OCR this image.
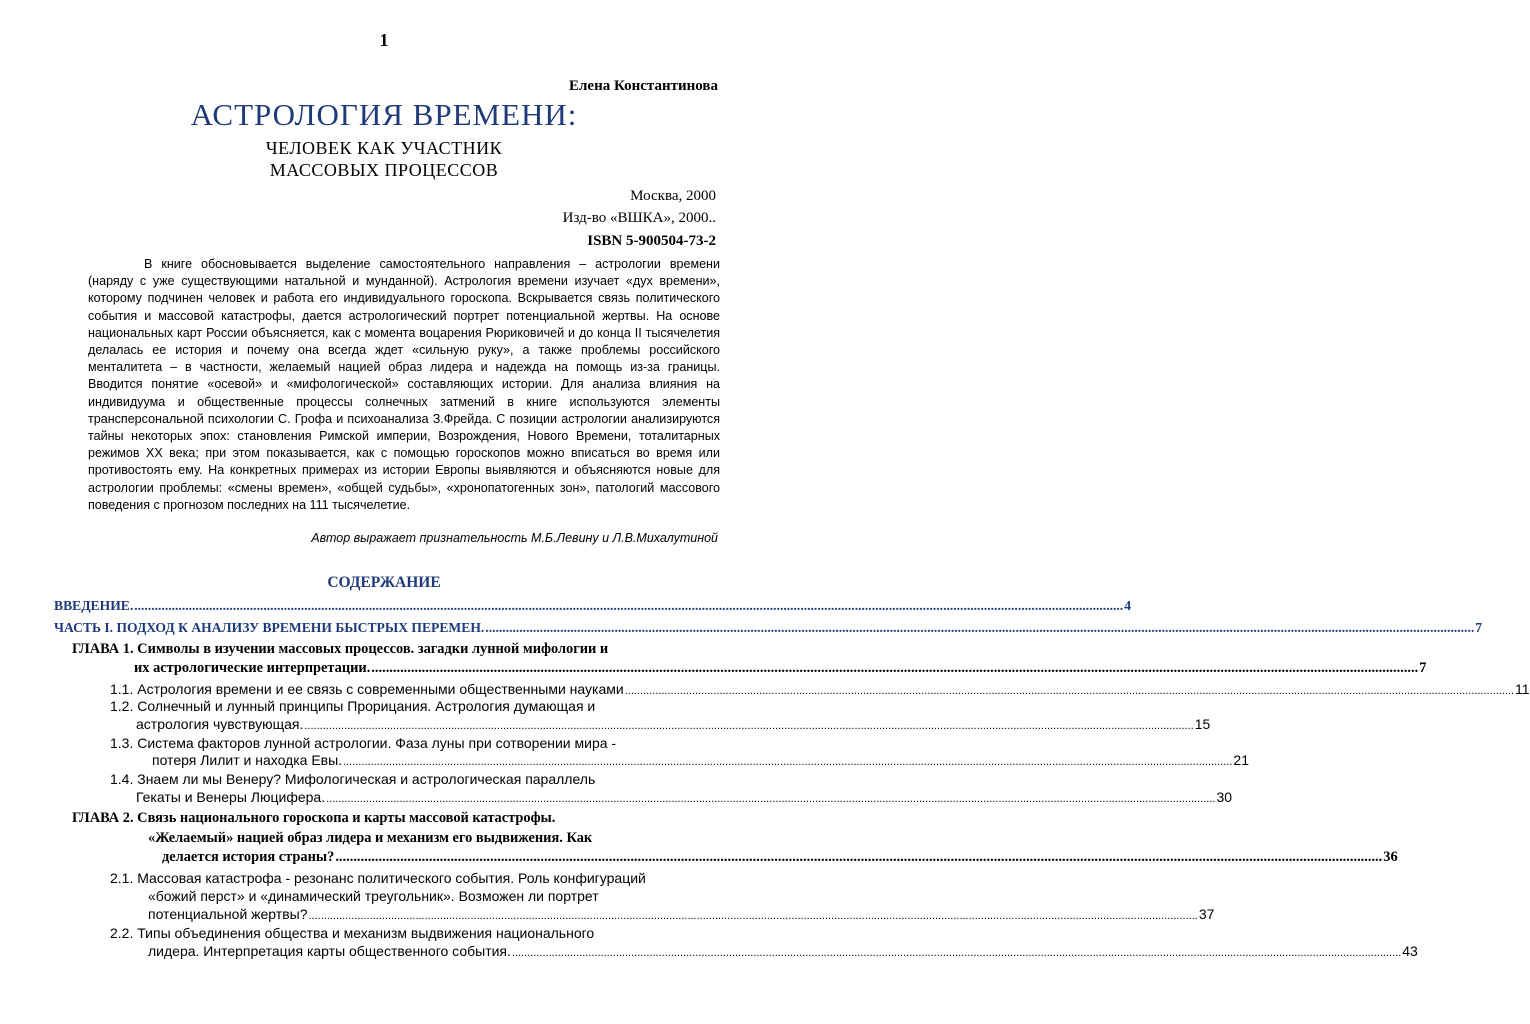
1
Елена Константинова
АСТРОЛОГИЯ ВРЕМЕНИ:
ЧЕЛОВЕК КАК УЧАСТНИК
МАССОВЫХ ПРОЦЕССОВ
Москва, 2000
Изд-во «ВШКА», 2000..
ISBN 5-900504-73-2

В книге обосновывается выделение самостоятельного направления – астрологии времени (наряду с уже существующими натальной и мунданной). Астрология времени изучает «дух времени», которому подчинен человек и работа его индивидуального гороскопа. Вскрывается связь политического события и массовой катастрофы, дается астрологический портрет потенциальной жертвы. На основе национальных карт России объясняется, как с момента воцарения Рюриковичей и до конца II тысячелетия делалась ее история и почему она всегда ждет «сильную руку», а также проблемы российского менталитета – в частности, желаемый нацией образ лидера и надежда на помощь из-за границы. Вводится понятие «осевой» и «мифологической» составляющих истории. Для анализа влияния на индивидуума и общественные процессы солнечных затмений в книге используются элементы трансперсональной психологии С. Грофа и психоанализа З.Фрейда. С позиции астрологии анализируются тайны некоторых эпох: становления Римской империи, Возрождения, Нового Времени, тоталитарных режимов XX века; при этом показывается, как с помощью гороскопов можно вписаться во время или противостоять ему. На конкретных примерах из истории Европы выявляются и объясняются новые для астрологии проблемы: «смены времен», «общей судьбы», «хронопатогенных зон», патологий массового поведения с прогнозом последних на 111 тысячелетие.

Автор выражает признательность М.Б.Левину и Л.В.Михалутиной
СОДЕРЖАНИЕ
ВВЕДЕНИЕ. .....	4
ЧАСТЬ I. ПОДХОД К АНАЛИЗУ ВРЕМЕНИ БЫСТРЫХ ПЕРЕМЕН. .....	7
ГЛАВА 1. Символы в изучении массовых процессов. загадки лунной мифологии и
их астрологические интерпретации. .....	7
1.1. Астрология времени и ее связь с современными общественными науками .....	11
1.2. Солнечный и лунный принципы Прорицания. Астрология думающая и
астрология чувствующая. .....	15
1.3. Система факторов лунной астрологии. Фаза луны при сотворении мира -
потеря Лилит и находка Евы. .....	21
1.4. Знаем ли мы Венеру? Мифологическая и астрологическая параллель
Гекаты и Венеры Люцифера. .....	30
ГЛАВА 2. Связь национального гороскопа и карты массовой катастрофы.
«Желаемый» нацией образ лидера и механизм его выдвижения. Как
делается история страны? .....	36
2.1. Массовая катастрофа - резонанс политического события. Роль конфигураций
«божий перст» и «динамический треугольник». Возможен ли портрет
потенциальной жертвы? .....	37
2.2. Типы объединения общества и механизм выдвижения национального
лидера. Интерпретация карты общественного события. .....	43
